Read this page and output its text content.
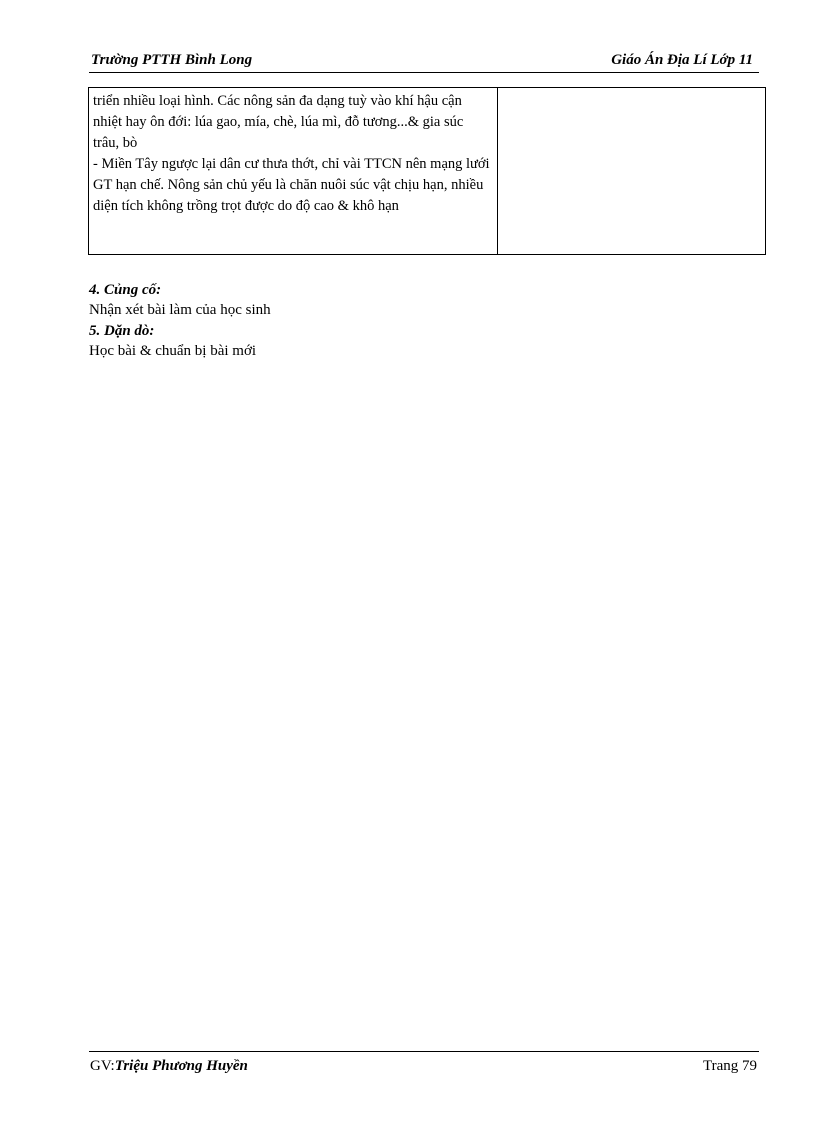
Trường PTTH Bình Long	Giáo Án Địa Lí Lớp 11

triển nhiều loại hình. Các nông sản đa dạng tuỳ vào khí hậu cận nhiệt hay ôn đới: lúa gao, mía, chè, lúa mì, đỗ tương...& gia súc trâu, bò

- Miền Tây ngược lại dân cư thưa thớt, chỉ vài TTCN nên mạng lưới GT hạn chế. Nông sản chủ yếu là chăn nuôi súc vật chịu hạn, nhiều diện tích không trồng trọt được do độ cao & khô hạn

4. Củng cố:
Nhận xét bài làm của học sinh
5. Dặn dò:
Học bài & chuẩn bị bài mới
GV:Triệu Phương Huyền	Trang 79
